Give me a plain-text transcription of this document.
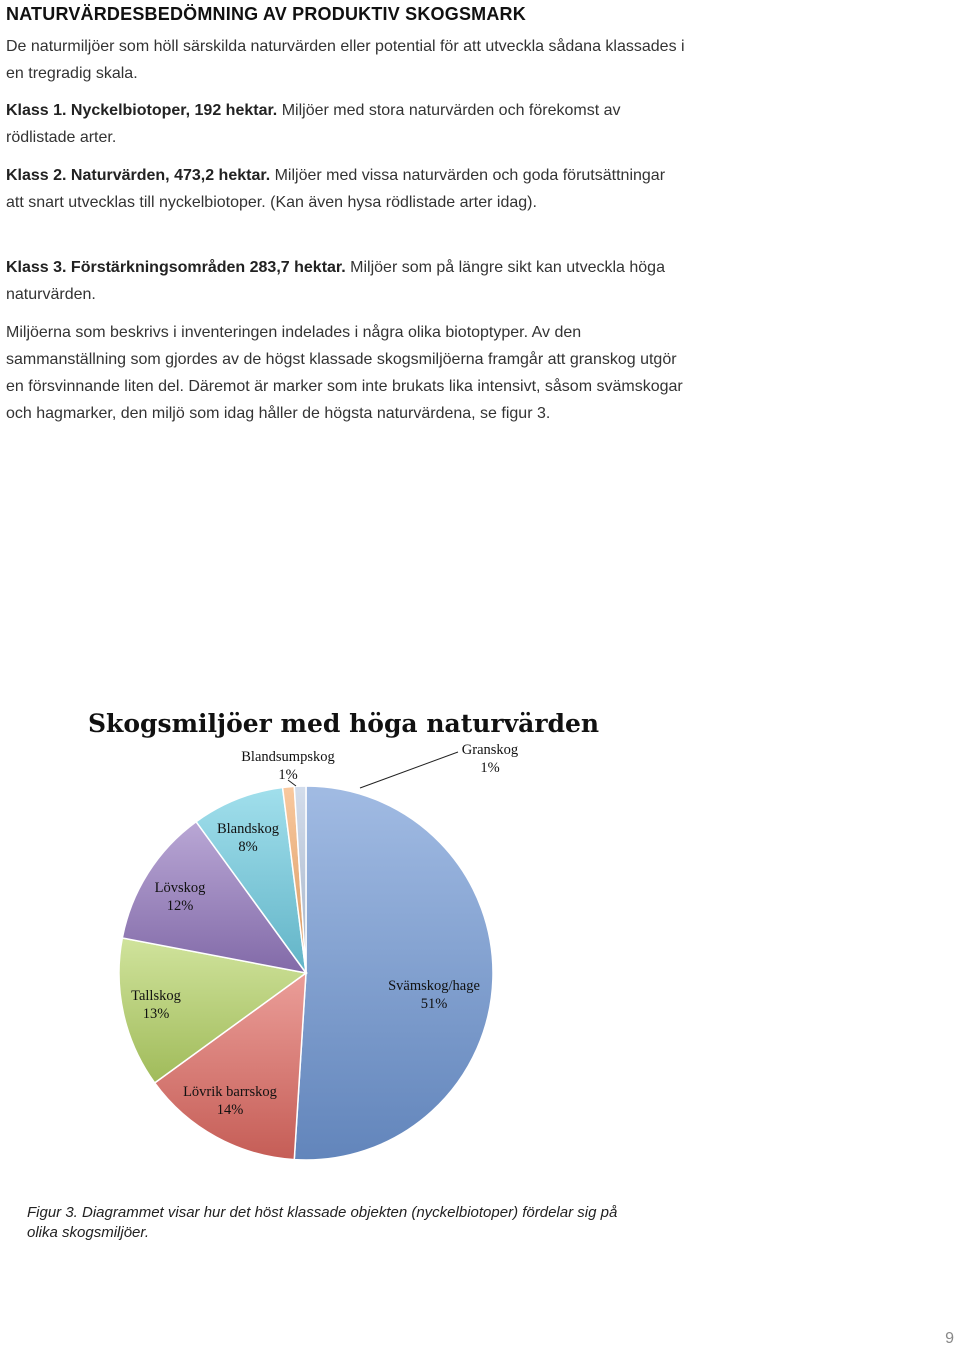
NATURVÄRDESBEDÖMNING AV PRODUKTIV SKOGSMARK

De naturmiljöer som höll särskilda naturvärden eller potential för att utveckla sådana klassades i en tregradig skala.

Klass 1. Nyckelbiotoper, 192 hektar. Miljöer med stora naturvärden och förekomst av rödlistade arter.

Klass 2. Naturvärden, 473,2 hektar. Miljöer med vissa naturvärden och goda förutsättningar att snart utvecklas till nyckelbiotoper. (Kan även hysa rödlistade arter idag).

Klass 3. Förstärkningsområden 283,7 hektar. Miljöer som på längre sikt kan utveckla höga naturvärden.

Miljöerna som beskrivs i inventeringen indelades i några olika biotoptyper. Av den sammanställning som gjordes av de högst klassade skogsmiljöerna framgår att granskog utgör en försvinnande liten del. Däremot är marker som inte brukats lika intensivt, såsom svämskogar och hagmarker, den miljö som idag håller de högsta naturvärdena, se figur 3.

Skogsmiljöer med höga naturvärden
Svämskog/hage
51%
Lövrik barrskog
14%
Tallskog
13%
Lövskog
12%
Blandskog
8%
Blandsumpskog
1%
Granskog
1%

Figur 3. Diagrammet visar hur det höst klassade objekten (nyckelbiotoper) fördelar sig på olika skogsmiljöer.

9
